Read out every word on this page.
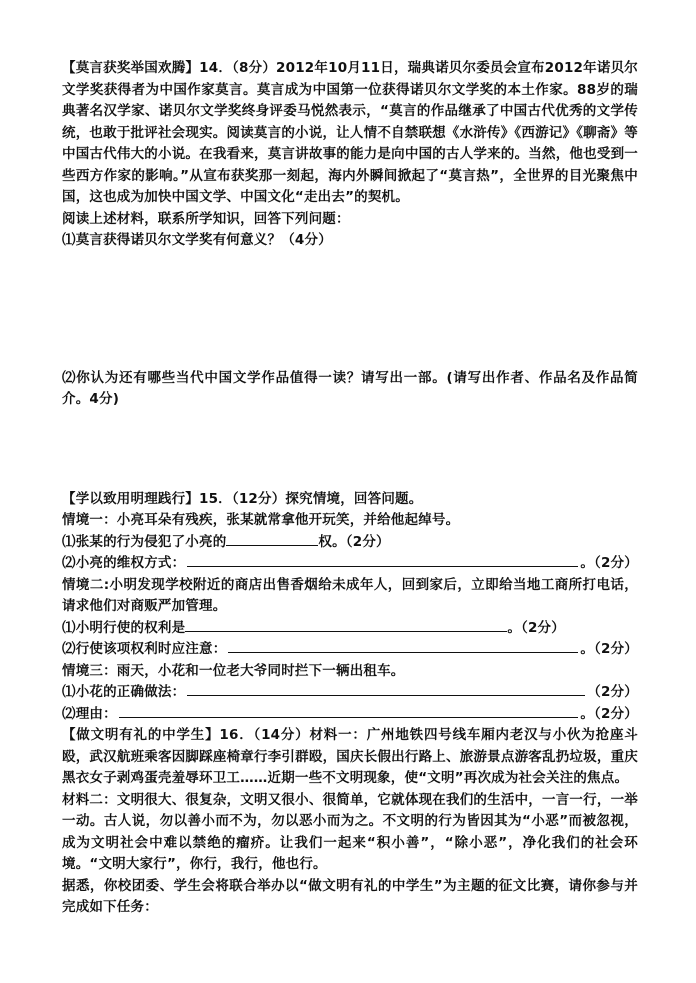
【莫言获奖举国欢腾】14．（8分）2012年10月11日，瑞典诺贝尔委员会宣布2012年诺贝尔文学奖获得者为中国作家莫言。莫言成为中国第一位获得诺贝尔文学奖的本土作家。88岁的瑞典著名汉学家、诺贝尔文学奖终身评委马悦然表示，“莫言的作品继承了中国古代优秀的文学传统，也敢于批评社会现实。阅读莫言的小说，让人情不自禁联想《水浒传》《西游记》《聊斋》等中国古代伟大的小说。在我看来，莫言讲故事的能力是向中国的古人学来的。当然，他也受到一些西方作家的影响。”从宣布获奖那一刻起，海内外瞬间掀起了“莫言热”，全世界的目光聚焦中国，这也成为加快中国文学、中国文化“走出去”的契机。

阅读上述材料，联系所学知识，回答下列问题：

⑴莫言获得诺贝尔文学奖有何意义？（4分）

⑵你认为还有哪些当代中国文学作品值得一读？请写出一部。(请写出作者、作品名及作品简介。4分)

【学以致用明理践行】15．（12分）探究情境，回答问题。

情境一：小亮耳朵有残疾，张某就常拿他开玩笑，并给他起绰号。

⑴张某的行为侵犯了小亮的	权。（2分）

⑵小亮的维权方式：	。（2分）

情境二:小明发现学校附近的商店出售香烟给未成年人，回到家后，立即给当地工商所打电话，请求他们对商贩严加管理。

⑴小明行使的权利是	。（2分）
⑵行使该项权利时应注意：	。（2分）

情境三：雨天，小花和一位老大爷同时拦下一辆出租车。

⑴小花的正确做法：	（2分）
⑵理由：	。（2分）

【做文明有礼的中学生】16．（14分）材料一：广州地铁四号线车厢内老汉与小伙为抢座斗殴，武汉航班乘客因脚踩座椅章行李引群殴，国庆长假出行路上、旅游景点游客乱扔垃圾，重庆黑衣女子剥鸡蛋壳羞辱环卫工……近期一些不文明现象，使“文明”再次成为社会关注的焦点。

材料二：文明很大、很复杂，文明又很小、很简单，它就体现在我们的生活中，一言一行，一举一动。古人说，勿以善小而不为，勿以恶小而为之。不文明的行为皆因其为“小恶”而被忽视，成为文明社会中难以禁绝的瘤疥。让我们一起来“积小善”，“除小恶”，净化我们的社会环境。“文明大家行”，你行，我行，他也行。

据悉，你校团委、学生会将联合举办以“做文明有礼的中学生”为主题的征文比赛，请你参与并完成如下任务：
